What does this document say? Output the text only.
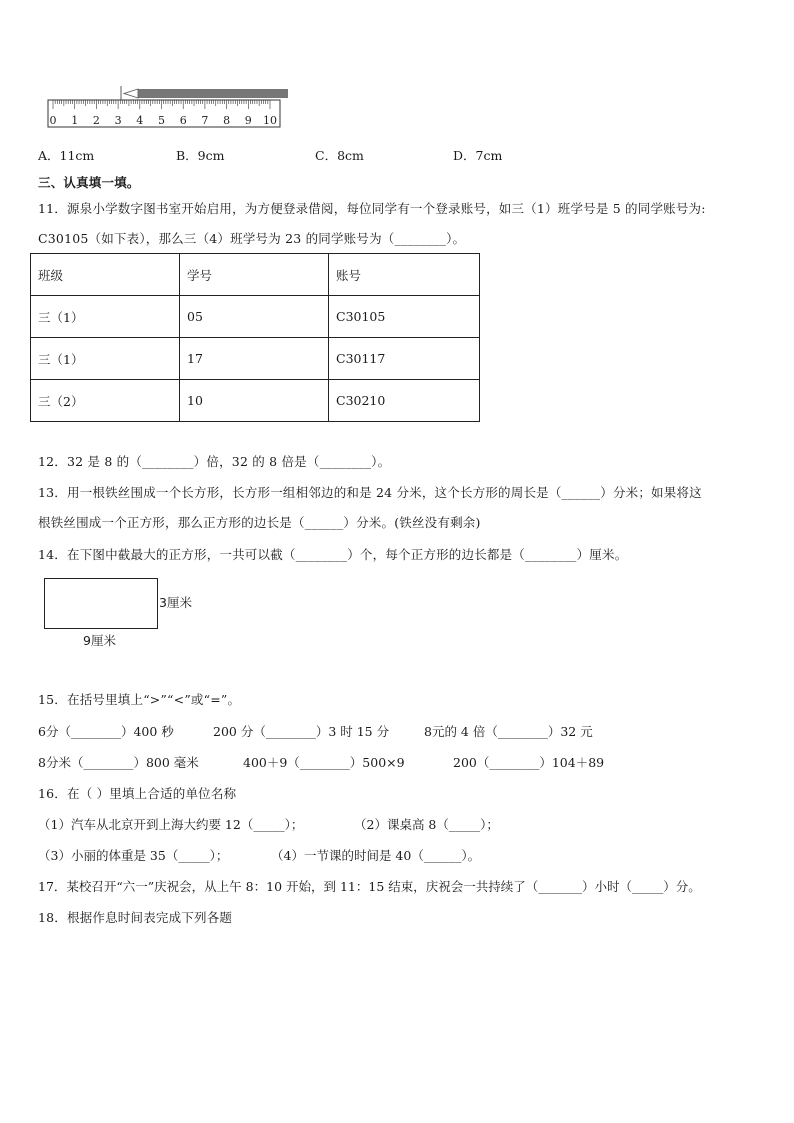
0 1 2 3 4 5 6 7 8 9 10
A．11cm	B．9cm	C．8cm	D．7cm
三、认真填一填。
11．源泉小学数字图书室开始启用，为方便登录借阅，每位同学有一个登录账号，如三（1）班学号是 5 的同学账号为:
C30105（如下表），那么三（4）班学号为 23 的同学账号为（________）。
班级	学号	账号
三（1）	05	C30105
三（1）	17	C30117
三（2）	10	C30210
12．32 是 8 的（________）倍，32 的 8 倍是（________）。
13．用一根铁丝围成一个长方形，长方形一组相邻边的和是 24 分米，这个长方形的周长是（______）分米；如果将这
根铁丝围成一个正方形，那么正方形的边长是（______）分米。(铁丝没有剩余)
14．在下图中截最大的正方形，一共可以截（________）个，每个正方形的边长都是（________）厘米。
3厘米
9厘米
15．在括号里填上“>”“<”或“=”。
6分（________）400 秒	200 分（________）3 时 15 分	8元的 4 倍（________）32 元
8分米（________）800 毫米	400＋9（________）500×9	200（________）104＋89
16．在（ ）里填上合适的单位名称
（1）汽车从北京开到上海大约要 12（_____）；	（2）课桌高 8（_____）；
（3）小丽的体重是 35（_____）；	（4）一节课的时间是 40（______）。
17．某校召开“六一”庆祝会，从上午 8：10 开始，到 11：15 结束，庆祝会一共持续了（_______）小时（_____）分。
18．根据作息时间表完成下列各题
